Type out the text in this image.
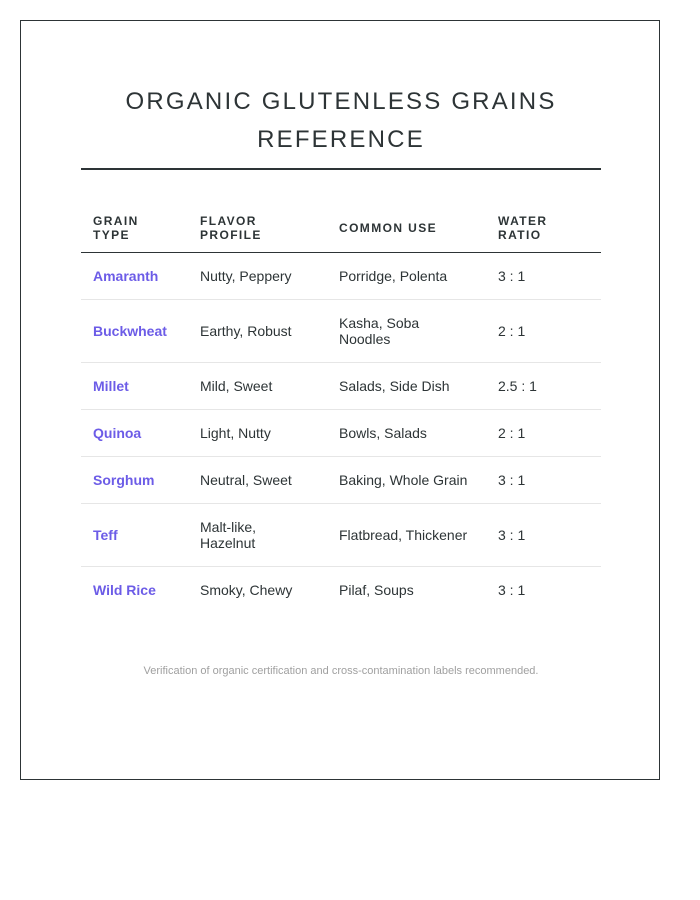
ORGANIC GLUTENLESS GRAINS REFERENCE
GRAIN TYPE	FLAVOR PROFILE	COMMON USE	WATER RATIO
Amaranth	Nutty, Peppery	Porridge, Polenta	3 : 1
Buckwheat	Earthy, Robust	Kasha, Soba Noodles	2 : 1
Millet	Mild, Sweet	Salads, Side Dish	2.5 : 1
Quinoa	Light, Nutty	Bowls, Salads	2 : 1
Sorghum	Neutral, Sweet	Baking, Whole Grain	3 : 1
Teff	Malt-like, Hazelnut	Flatbread, Thickener	3 : 1
Wild Rice	Smoky, Chewy	Pilaf, Soups	3 : 1
Verification of organic certification and cross-contamination labels recommended.
